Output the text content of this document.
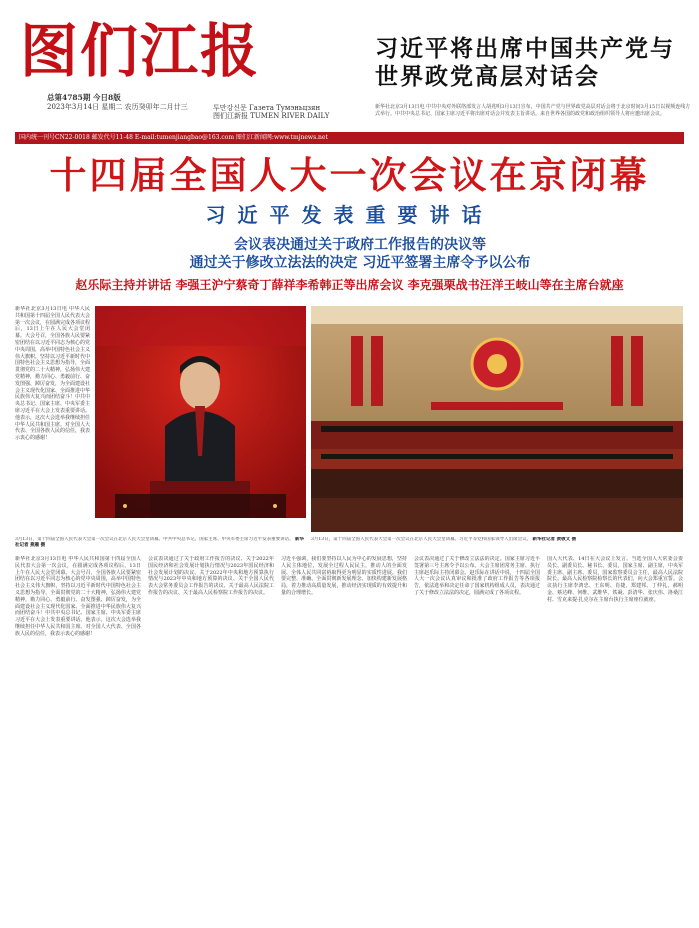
图们江报
总第4785期 今日8版
2023年3月14日 星期二 农历癸卯年二月廿三	투만강신문 Газета Тумэньцзян
图们江新报 TUMEN RIVER DAILY
习近平将出席中国共产党与世界政党高层对话会
新华社北京3月13日电 中共中央对外联络部发言人胡兆明3月13日宣布，中国共产党与世界政党高层对话会将于北京时间3月15日以视频连线方式举行。中共中央总书记、国家主席习近平将出席对话会并发表主旨讲话。来自世界各国的政党和政治组织领导人将应邀出席会议。
国内统一刊号CN22-0018 邮发代号11-48 E-mail:tumenjiangbao@163.com 图们江新闻网:www.tmjnews.net
十四届全国人大一次会议在京闭幕
习近平发表重要讲话
会议表决通过关于政府工作报告的决议等
通过关于修改立法法的决定 习近平签署主席令予以公布
赵乐际主持并讲话 李强王沪宁蔡奇丁薛祥李希韩正等出席会议 李克强栗战书汪洋王岐山等在主席台就座
新华社北京3月13日电 中华人民共和国第十四届全国人民代表大会第一次会议，在圆满完成各项议程后，13日上午在人民大会堂闭幕。大会号召，全国各族人民要紧密团结在以习近平同志为核心的党中央周围，高举中国特色社会主义伟大旗帜，坚持以习近平新时代中国特色社会主义思想为指导，全面贯彻党的二十大精神，弘扬伟大建党精神，勠力同心、勇毅前行、奋发图强、踔厉奋发，为全面建设社会主义现代化国家、全面推进中华民族伟大复兴而团结奋斗！中共中央总书记、国家主席、中央军委主席习近平在大会上发表重要讲话。他表示，这次大会选举我继续担任中华人民共和国主席。对全国人大代表、全国各族人民的信任，我表示衷心的感谢！
3月13日，第十四届全国人民代表大会第一次会议在北京人民大会堂闭幕。中共中央总书记、国家主席、中央军委主席习近平发表重要讲话。 新华社记者 燕雁 摄
3月13日，第十四届全国人民代表大会第一次会议在北京人民大会堂闭幕。习近平等党和国家领导人出席会议。 新华社记者 黄敬文 摄
新华社北京3月13日电 中华人民共和国第十四届全国人民代表大会第一次会议，在圆满完成各项议程后，13日上午在人民大会堂闭幕。大会号召，全国各族人民要紧密团结在以习近平同志为核心的党中央周围，高举中国特色社会主义伟大旗帜，坚持以习近平新时代中国特色社会主义思想为指导，全面贯彻党的二十大精神，弘扬伟大建党精神，勠力同心、勇毅前行、奋发图强、踔厉奋发，为全面建设社会主义现代化国家、全面推进中华民族伟大复兴而团结奋斗！中共中央总书记、国家主席、中央军委主席习近平在大会上发表重要讲话。他表示，这次大会选举我继续担任中华人民共和国主席。对全国人大代表、全国各族人民的信任，我表示衷心的感谢！
会议表决通过了关于政府工作报告的决议、关于2022年国民经济和社会发展计划执行情况与2023年国民经济和社会发展计划的决议、关于2022年中央和地方预算执行情况与2023年中央和地方预算的决议、关于全国人民代表大会常务委员会工作报告的决议、关于最高人民法院工作报告的决议、关于最高人民检察院工作报告的决议。
习近平强调，我们要坚持以人民为中心的发展思想，坚持人民主体地位，发展全过程人民民主，推动人的全面发展、全体人民共同富裕取得更为明显的实质性进展。我们要完整、准确、全面贯彻新发展理念，加快构建新发展格局，着力推动高质量发展，推动经济实现质的有效提升和量的合理增长。
会议表决通过了关于修改立法法的决定。国家主席习近平签署第三号主席令予以公布。大会主席团常务主席、执行主席赵乐际主持闭幕会。赵乐际在讲话中说，十四届全国人大一次会议认真审议和批准了政府工作报告等各项报告，依法选举和决定任命了国家机构组成人员，表决通过了关于修改立法法的决定，圆满完成了各项议程。
国人大代表、14日在大会议上发言。当选全国人大常委会委员长、副委员长、秘书长、委员，国家主席、副主席，中央军委主席、副主席、委员，国家监察委员会主任，最高人民法院院长，最高人民检察院检察长的代表们，向大会郑重宣誓。会议执行主席李鸿忠、王东明、肖捷、郑建邦、丁仲礼、郝明金、蔡达峰、何维、武维华、铁凝、彭清华、张庆伟、洛桑江村、雪克来提·扎克尔在主席台执行主席座位就座。
